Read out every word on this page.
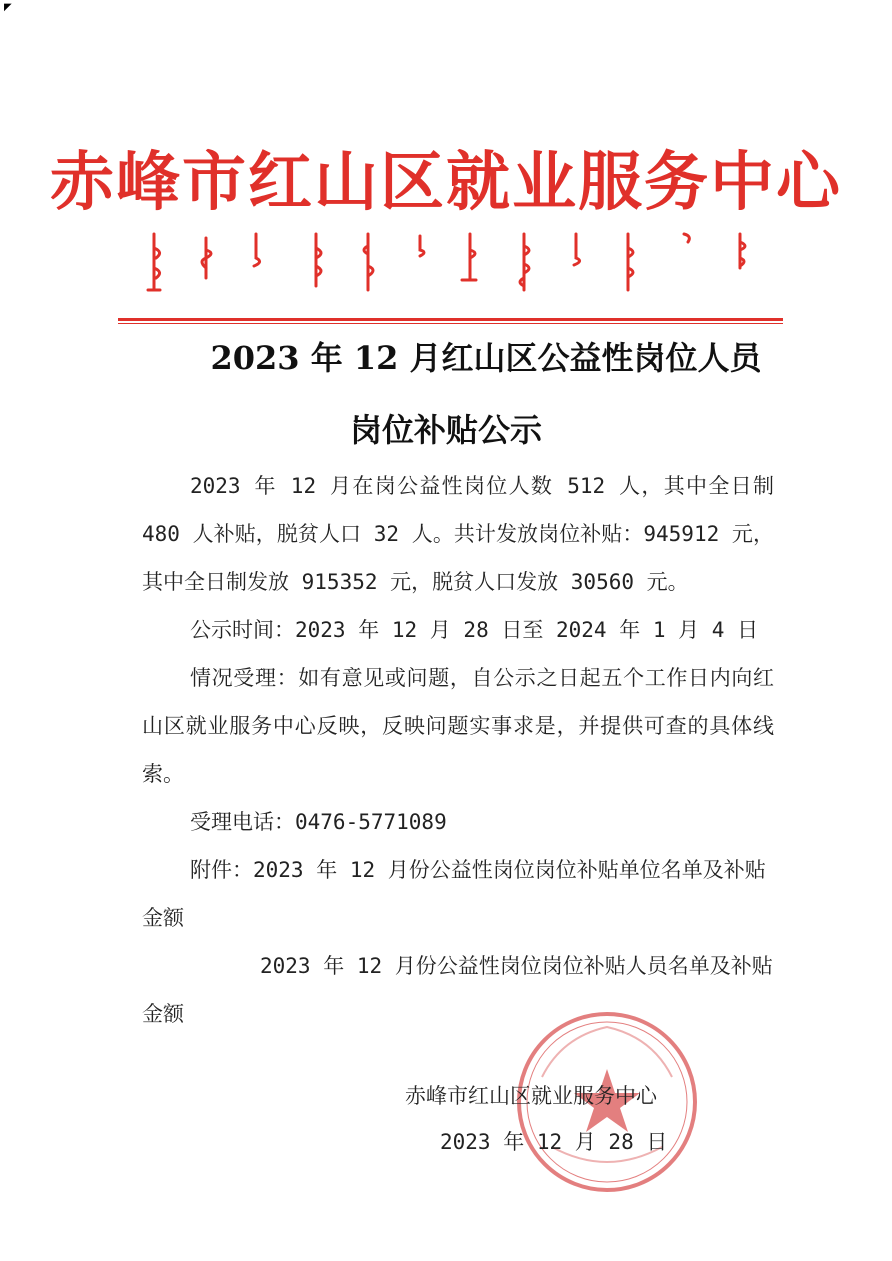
◤
赤峰市红山区就业服务中心
2023 年 12 月红山区公益性岗位人员
岗位补贴公示

2023 年 12 月在岗公益性岗位人数 512 人，其中全日制 480 人补贴，脱贫人口 32 人。共计发放岗位补贴：945912 元，其中全日制发放 915352 元，脱贫人口发放 30560 元。

公示时间：2023 年 12 月 28 日至 2024 年 1 月 4 日

情况受理：如有意见或问题，自公示之日起五个工作日内向红山区就业服务中心反映，反映问题实事求是，并提供可查的具体线索。

受理电话：0476-5771089

附件：2023 年 12 月份公益性岗位岗位补贴单位名单及补贴金额

2023 年 12 月份公益性岗位岗位补贴人员名单及补贴金额

赤峰市红山区就业服务中心
2023 年 12 月 28 日
